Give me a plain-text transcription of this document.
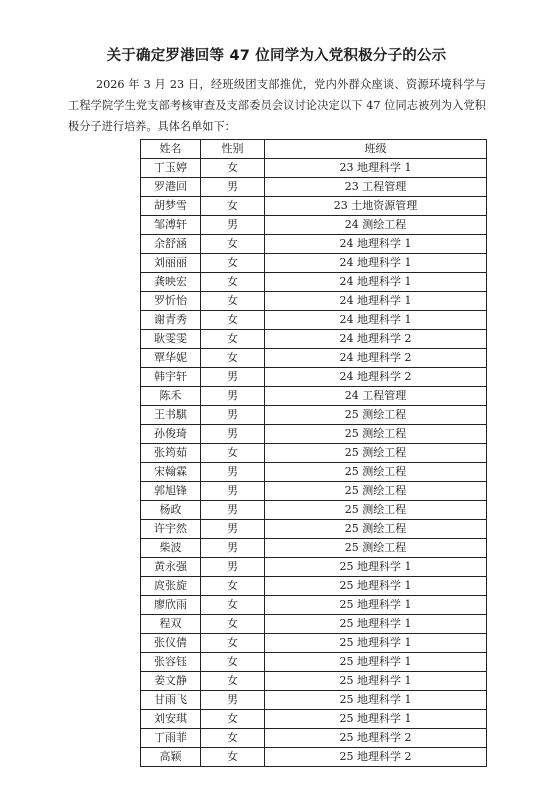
关于确定罗港回等 47 位同学为入党积极分子的公示
2026 年 3 月 23 日，经班级团支部推优，党内外群众座谈、资源环境科学与工程学院学生党支部考核审查及支部委员会议讨论决定以下 47 位同志被列为入党积极分子进行培养。具体名单如下：
姓名	性别	班级
丁玉婷	女	23 地理科学 1
罗港回	男	23 工程管理
胡梦雪	女	23 土地资源管理
邹溥轩	男	24 测绘工程
余舒涵	女	24 地理科学 1
刘丽丽	女	24 地理科学 1
龚映宏	女	24 地理科学 1
罗忻怡	女	24 地理科学 1
谢青秀	女	24 地理科学 1
耿雯雯	女	24 地理科学 2
覃华妮	女	24 地理科学 2
韩宇轩	男	24 地理科学 2
陈禾	男	24 工程管理
王书騏	男	25 测绘工程
孙俊琦	男	25 测绘工程
张筠茹	女	25 测绘工程
宋翰霖	男	25 测绘工程
郭旭锋	男	25 测绘工程
杨政	男	25 测绘工程
许宇然	男	25 测绘工程
柴波	男	25 测绘工程
黄永强	男	25 地理科学 1
庹张旋	女	25 地理科学 1
廖欣雨	女	25 地理科学 1
程双	女	25 地理科学 1
张仪倩	女	25 地理科学 1
张容钰	女	25 地理科学 1
姜文静	女	25 地理科学 1
甘雨飞	男	25 地理科学 1
刘安琪	女	25 地理科学 1
丁雨菲	女	25 地理科学 2
高颖	女	25 地理科学 2
